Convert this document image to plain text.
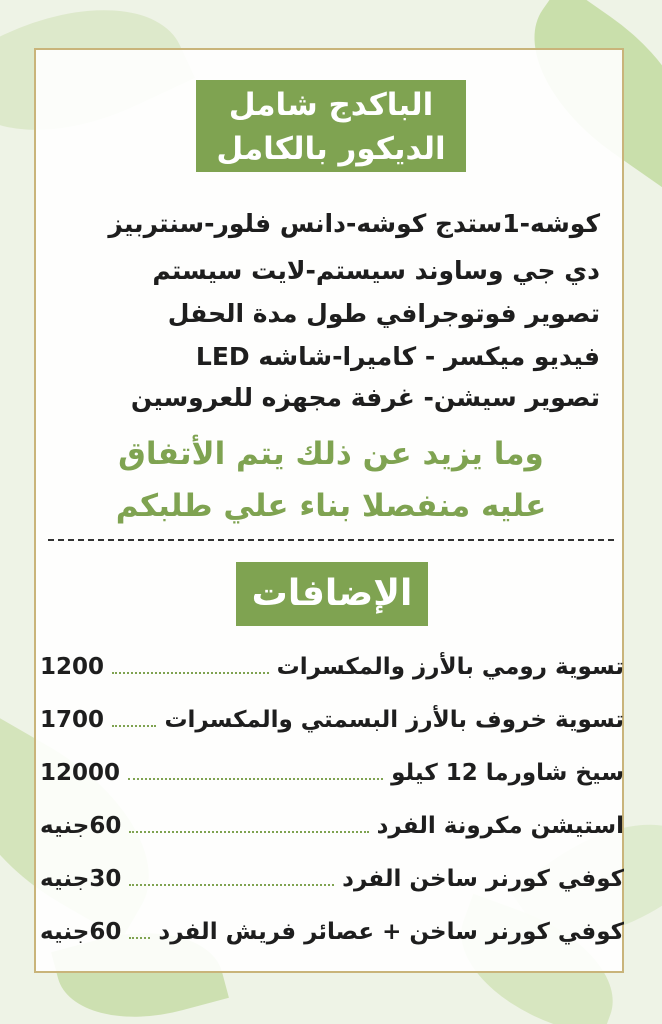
الباكدج شامل
الديكور بالكامل
كوشه-1ستدج كوشه-دانس فلور-سنتربيز
دي جي وساوند سيستم-لايت سيستم
تصوير فوتوجرافي طول مدة الحفل
فيديو ميكسر - كاميرا-شاشه LED
تصوير سيشن- غرفة مجهزه للعروسين
وما يزيد عن ذلك يتم الأتفاق
عليه منفصلا بناء علي طلبكم
الإضافات
تسوية رومي بالأرز والمكسرات
1200
تسوية خروف بالأرز البسمتي والمكسرات
1700
سيخ شاورما 12 كيلو
12000
استيشن مكرونة الفرد
60جنيه
كوفي كورنر ساخن الفرد
30جنيه
كوفي كورنر ساخن + عصائر فريش الفرد
60جنيه
